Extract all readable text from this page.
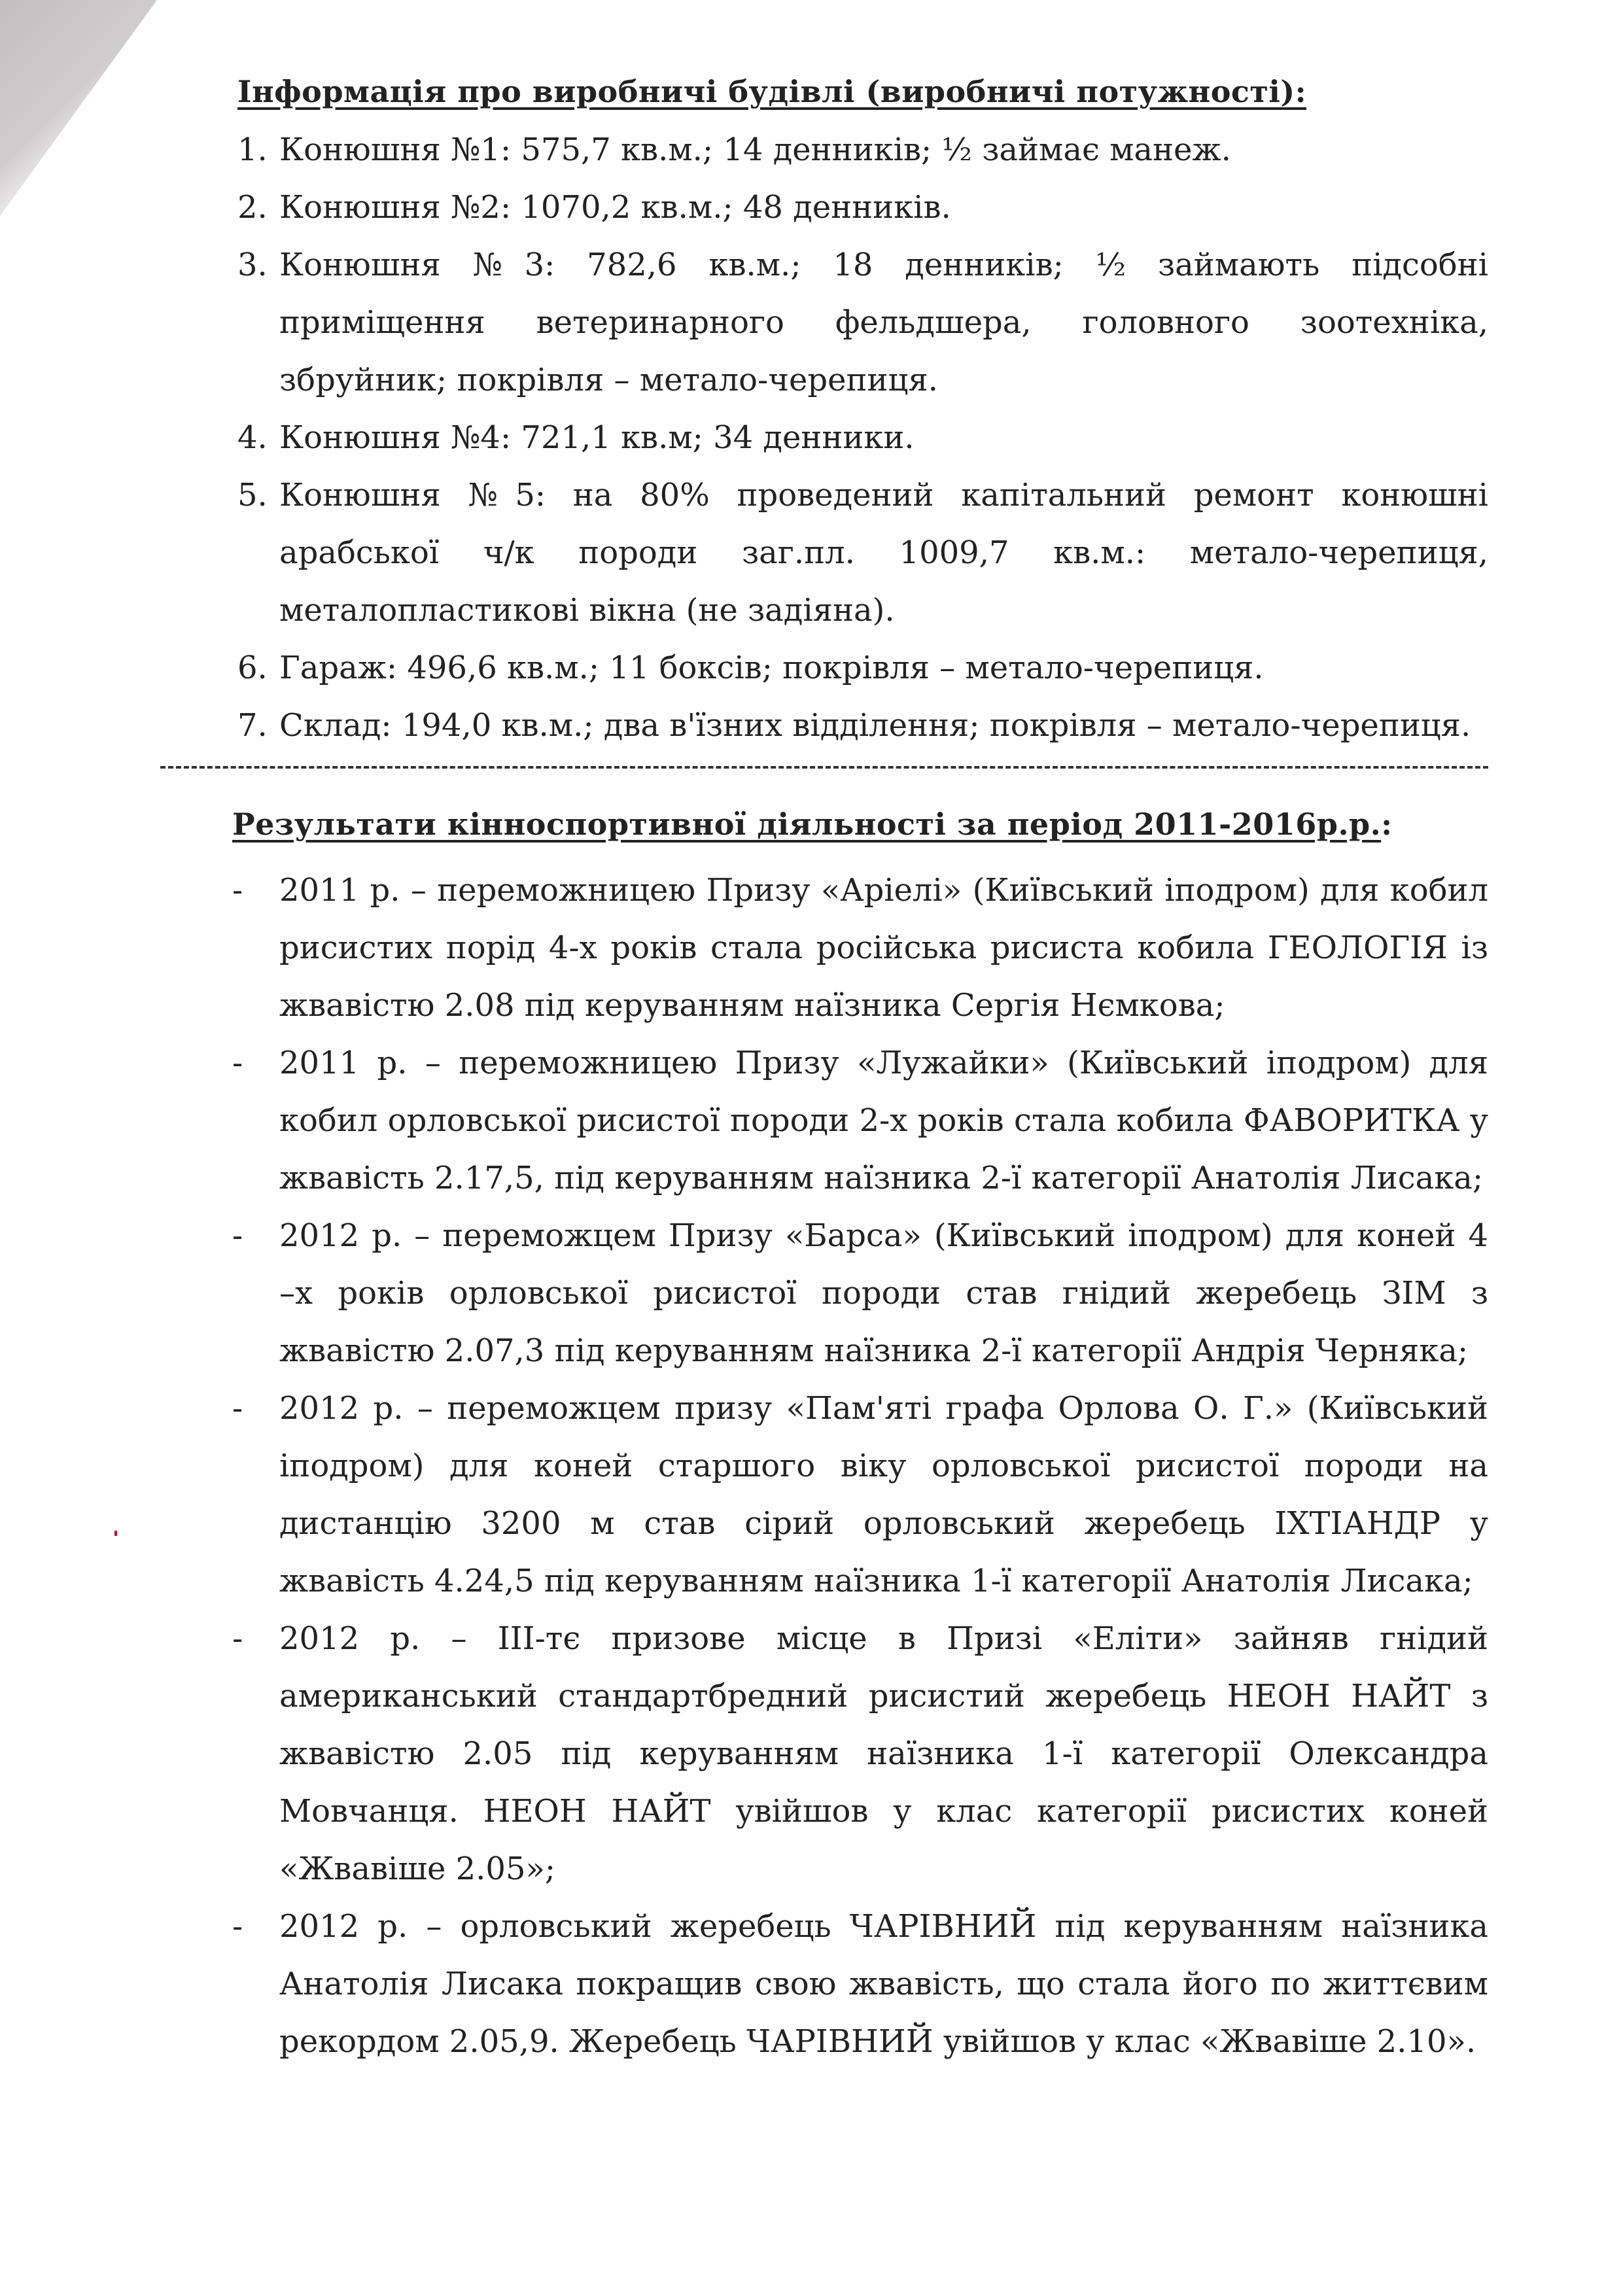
Інформація про виробничі будівлі (виробничі потужності):
1. Конюшня №1: 575,7 кв.м.; 14 денників; ½ займає манеж.
2. Конюшня №2: 1070,2 кв.м.; 48 денників.
3. Конюшня №3: 782,6 кв.м.; 18 денників; ½ займають підсобні приміщення ветеринарного фельдшера, головного зоотехніка, збруйник; покрівля – метало-черепиця.
4. Конюшня №4: 721,1 кв.м; 34 денники.
5. Конюшня №5: на 80% проведений капітальний ремонт конюшні арабської ч/к породи заг.пл. 1009,7 кв.м.: метало-черепиця, металопластикові вікна (не задіяна).
6. Гараж: 496,6 кв.м.; 11 боксів; покрівля – метало-черепиця.
7. Склад: 194,0 кв.м.; два в'їзних відділення; покрівля – метало-черепиця.
Результати кінноспортивної діяльності за період 2011-2016р.р.:
- 2011 р. – переможницею Призу «Аріелі» (Київський іподром) для кобил рисистих порід 4-х років стала російська рисиста кобила ГЕОЛОГІЯ із жвавістю 2.08 під керуванням наїзника Сергія Нємкова;
- 2011 р. – переможницею Призу «Лужайки» (Київський іподром) для кобил орловської рисистої породи 2-х років стала кобила ФАВОРИТКА у жвавість 2.17,5, під керуванням наїзника 2-ї категорії Анатолія Лисака;
- 2012 р. – переможцем Призу «Барса» (Київський іподром) для коней 4 –х років орловської рисистої породи став гнідий жеребець ЗІМ з жвавістю 2.07,3 під керуванням наїзника 2-ї категорії Андрія Черняка;
- 2012 р. – переможцем призу «Пам'яті графа Орлова О. Г.» (Київський іподром) для коней старшого віку орловської рисистої породи на дистанцію 3200 м став сірий орловський жеребець ІХТІАНДР у жвавість 4.24,5 під керуванням наїзника 1-ї категорії Анатолія Лисака;
- 2012 р. – ІІІ-тє призове місце в Призі «Еліти» зайняв гнідий американський стандартбредний рисистий жеребець НЕОН НАЙТ з жвавістю 2.05 під керуванням наїзника 1-ї категорії Олександра Мовчанця. НЕОН НАЙТ увійшов у клас категорії рисистих коней «Жвавіше 2.05»;
- 2012 р. – орловський жеребець ЧАРІВНИЙ під керуванням наїзника Анатолія Лисака покращив свою жвавість, що стала його по життєвим рекордом 2.05,9. Жеребець ЧАРІВНИЙ увійшов у клас «Жвавіше 2.10».
